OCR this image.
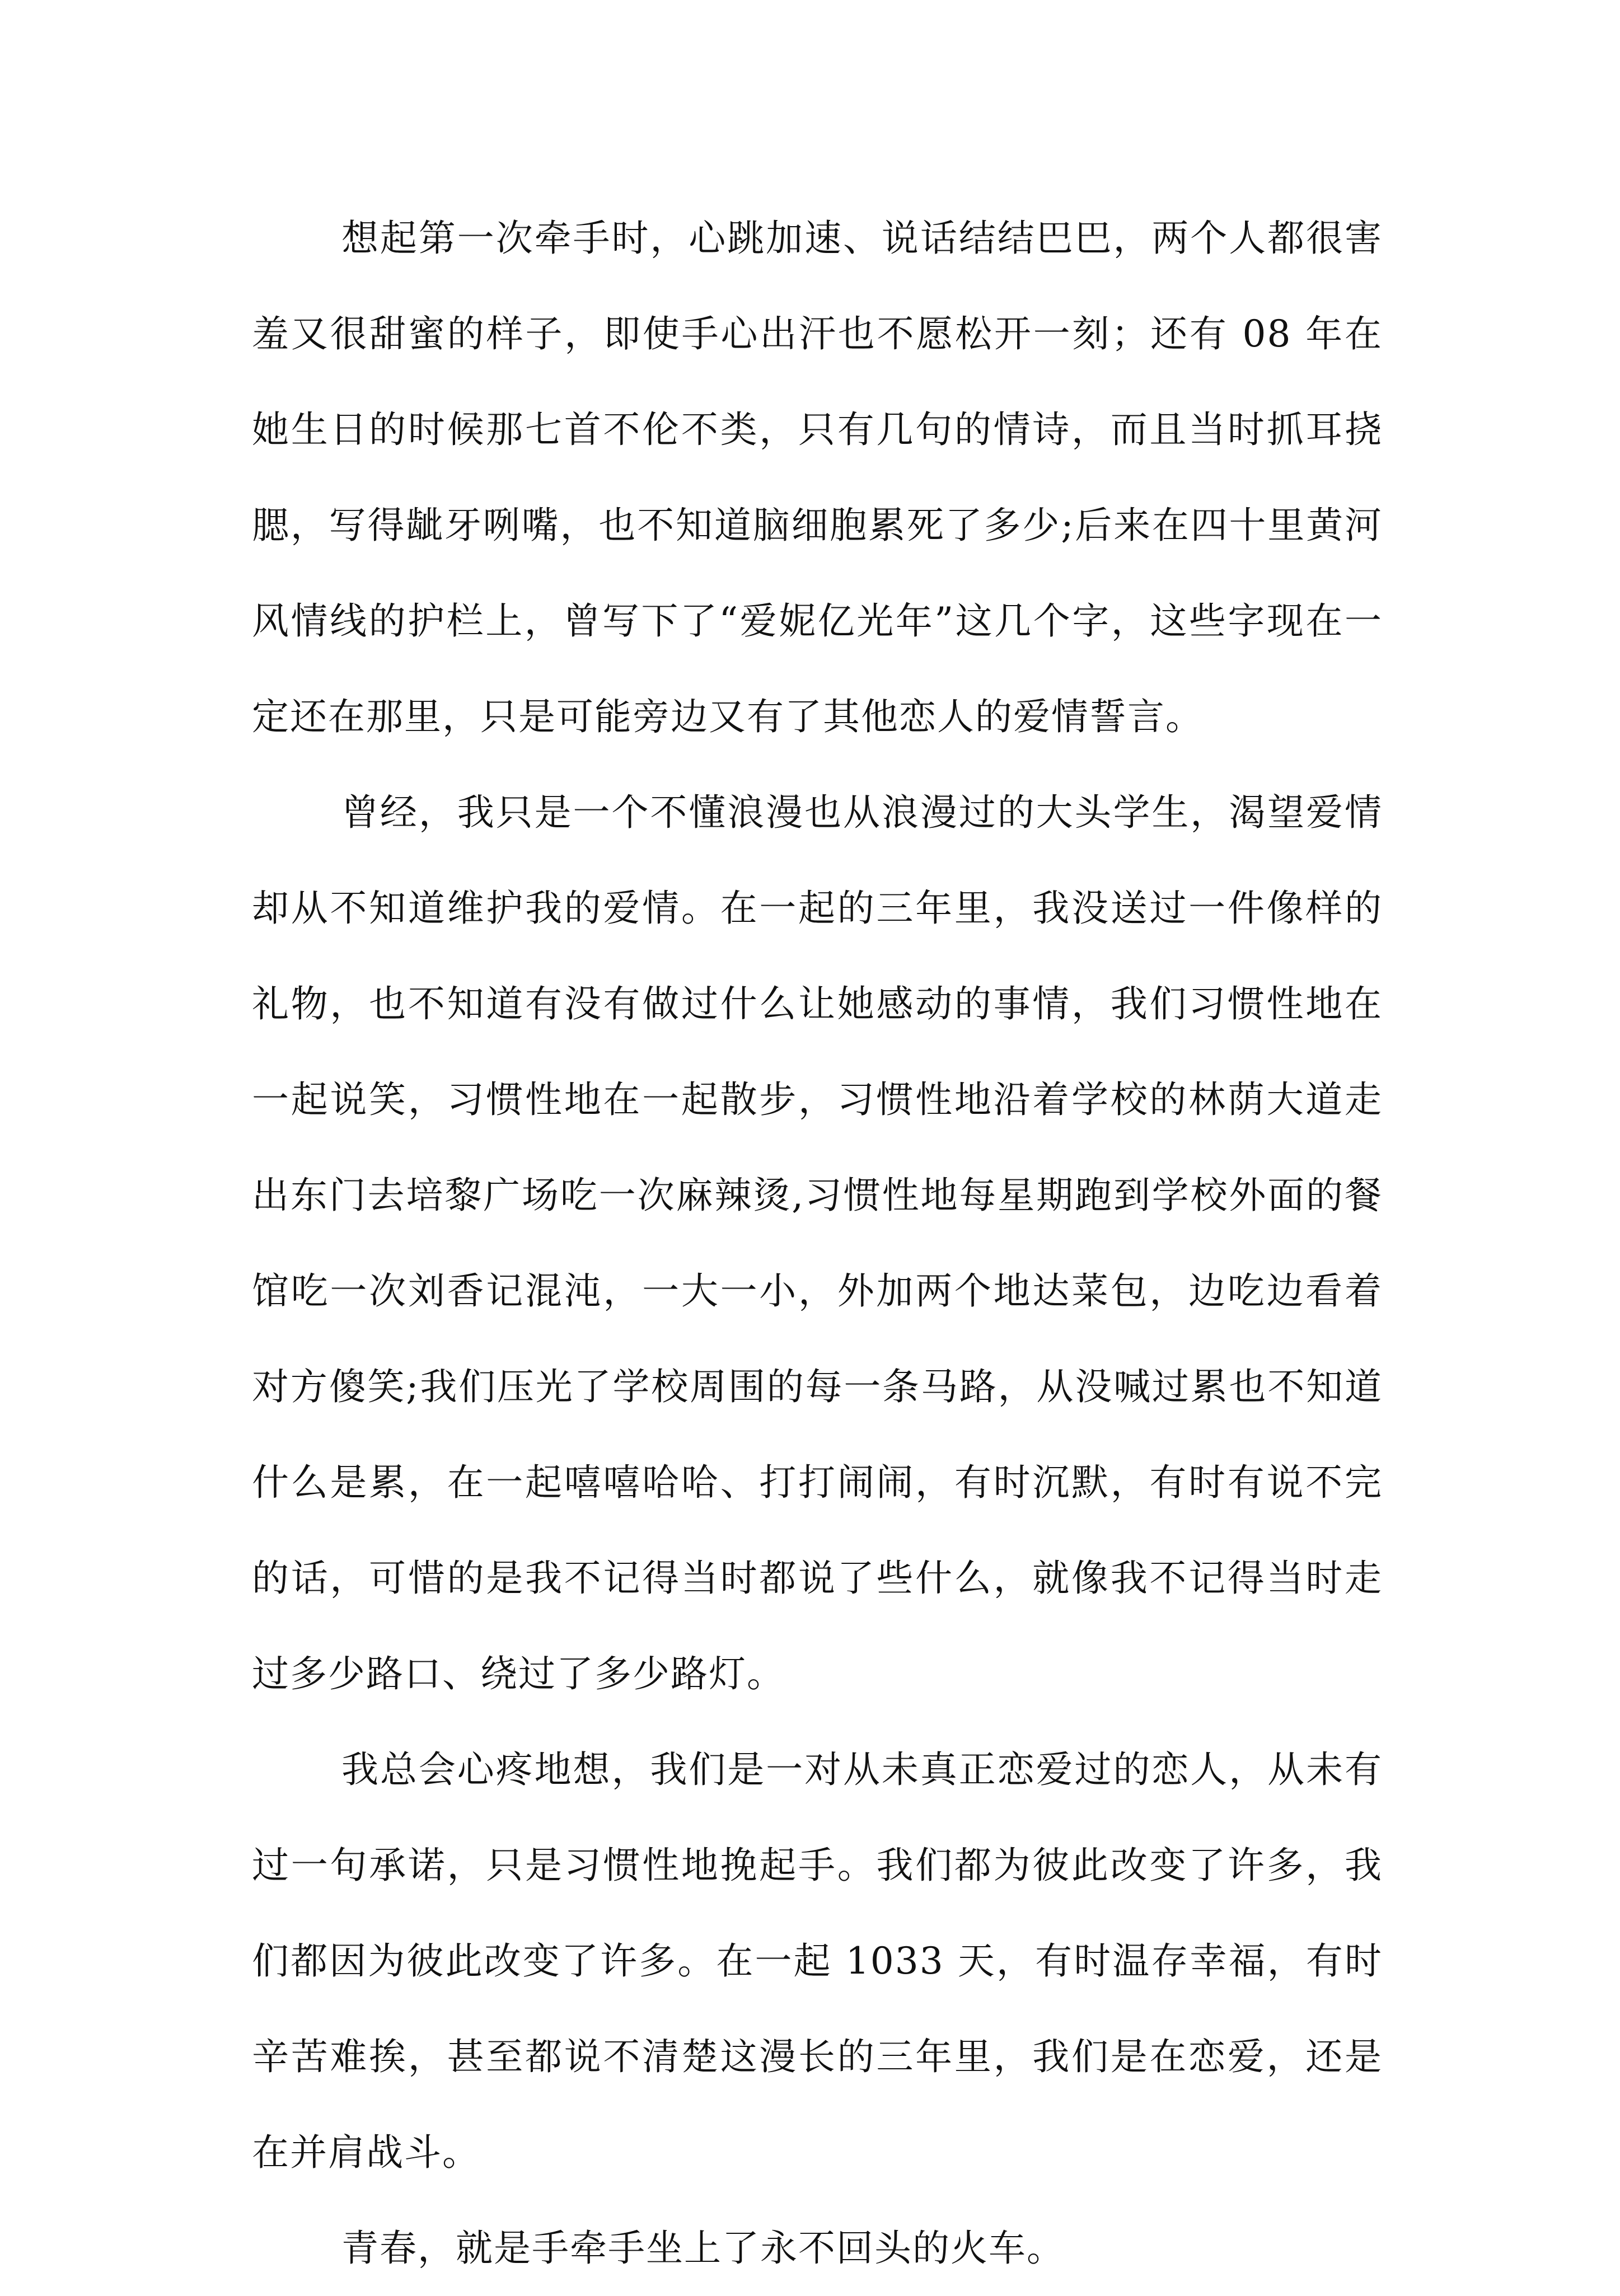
想起第一次牵手时，心跳加速、说话结结巴巴，两个人都很害羞又很甜蜜的样子，即使手心出汗也不愿松开一刻；还有 08 年在她生日的时候那七首不伦不类，只有几句的情诗，而且当时抓耳挠腮，写得龇牙咧嘴，也不知道脑细胞累死了多少;后来在四十里黄河风情线的护栏上，曾写下了“爱妮亿光年”这几个字，这些字现在一定还在那里，只是可能旁边又有了其他恋人的爱情誓言。

曾经，我只是一个不懂浪漫也从浪漫过的大头学生，渴望爱情却从不知道维护我的爱情。在一起的三年里，我没送过一件像样的礼物，也不知道有没有做过什么让她感动的事情，我们习惯性地在一起说笑，习惯性地在一起散步，习惯性地沿着学校的林荫大道走出东门去培黎广场吃一次麻辣烫,习惯性地每星期跑到学校外面的餐馆吃一次刘香记混沌，一大一小，外加两个地达菜包，边吃边看着对方傻笑;我们压光了学校周围的每一条马路，从没喊过累也不知道什么是累，在一起嘻嘻哈哈、打打闹闹，有时沉默，有时有说不完的话，可惜的是我不记得当时都说了些什么，就像我不记得当时走过多少路口、绕过了多少路灯。

我总会心疼地想，我们是一对从未真正恋爱过的恋人，从未有过一句承诺，只是习惯性地挽起手。我们都为彼此改变了许多，我们都因为彼此改变了许多。在一起 1033 天，有时温存幸福，有时辛苦难挨，甚至都说不清楚这漫长的三年里，我们是在恋爱，还是在并肩战斗。

青春，就是手牵手坐上了永不回头的火车。
